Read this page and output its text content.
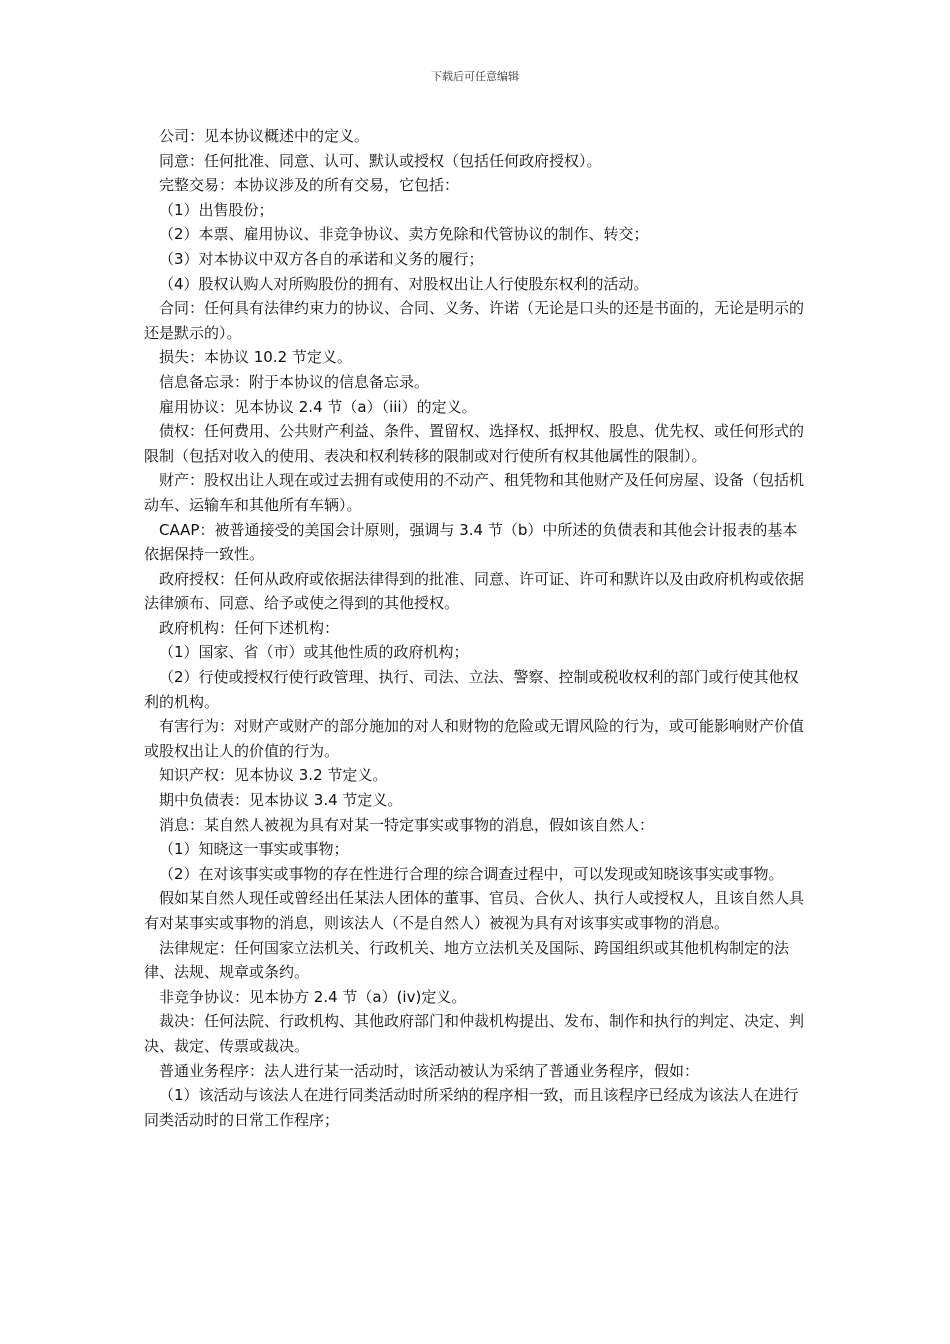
下载后可任意编辑

公司：见本协议概述中的定义。

同意：任何批准、同意、认可、默认或授权（包括任何政府授权）。

完整交易：本协议涉及的所有交易，它包括：

（1）出售股份；

（2）本票、雇用协议、非竞争协议、卖方免除和代管协议的制作、转交；

（3）对本协议中双方各自的承诺和义务的履行；

（4）股权认购人对所购股份的拥有、对股权出让人行使股东权利的活动。

合同：任何具有法律约束力的协议、合同、义务、许诺（无论是口头的还是书面的，无论是明示的还是默示的）。

损失：本协议 10.2 节定义。

信息备忘录：附于本协议的信息备忘录。

雇用协议：见本协议 2.4 节（a）（iii）的定义。

债权：任何费用、公共财产利益、条件、置留权、选择权、抵押权、股息、优先权、或任何形式的限制（包括对收入的使用、表决和权利转移的限制或对行使所有权其他属性的限制）。

财产：股权出让人现在或过去拥有或使用的不动产、租凭物和其他财产及任何房屋、设备（包括机动车、运输车和其他所有车辆）。

CAAP：被普通接受的美国会计原则，强调与 3.4 节（b）中所述的负债表和其他会计报表的基本依据保持一致性。

政府授权：任何从政府或依据法律得到的批准、同意、许可证、许可和默许以及由政府机构或依据法律颁布、同意、给予或使之得到的其他授权。

政府机构：任何下述机构：

（1）国家、省（市）或其他性质的政府机构；

（2）行使或授权行使行政管理、执行、司法、立法、警察、控制或税收权利的部门或行使其他权利的机构。

有害行为：对财产或财产的部分施加的对人和财物的危险或无谓风险的行为，或可能影响财产价值或股权出让人的价值的行为。

知识产权：见本协议 3.2 节定义。

期中负债表：见本协议 3.4 节定义。

消息：某自然人被视为具有对某一特定事实或事物的消息，假如该自然人：

（1）知晓这一事实或事物；

（2）在对该事实或事物的存在性进行合理的综合调查过程中，可以发现或知晓该事实或事物。

假如某自然人现任或曾经出任某法人团体的董事、官员、合伙人、执行人或授权人，且该自然人具有对某事实或事物的消息，则该法人（不是自然人）被视为具有对该事实或事物的消息。

法律规定：任何国家立法机关、行政机关、地方立法机关及国际、跨国组织或其他机构制定的法律、法规、规章或条约。

非竞争协议：见本协方 2.4 节（a）(iv)定义。

裁决：任何法院、行政机构、其他政府部门和仲裁机构提出、发布、制作和执行的判定、决定、判决、裁定、传票或裁决。

普通业务程序：法人进行某一活动时，该活动被认为采纳了普通业务程序，假如：

（1）该活动与该法人在进行同类活动时所采纳的程序相一致，而且该程序已经成为该法人在进行同类活动时的日常工作程序；
